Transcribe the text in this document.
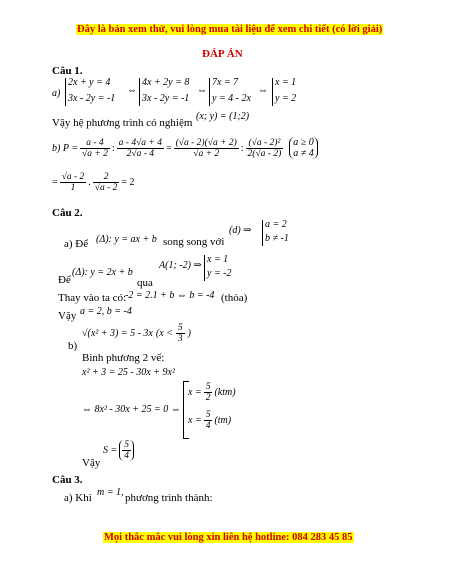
Đây là bản xem thử, vui lòng mua tài liệu để xem chi tiết (có lời giải)
ĐÁP ÁN
Câu 1.
a)
2x + y = 4
3x - 2y = -1
⇔
4x + 2y = 8
3x - 2y = -1
⇔
7x = 7
y = 4 - 2x
⇔
x = 1
y = 2
Vậy hệ phương trình có nghiệm
(x; y) = (1;2)
b) $P = \frac{a - 4}{√a + 2}$ : $\frac{a - 4√a + 4}{2√a - 4} = \frac{(√a - 2)(√a + 2)}{√a + 2}$ : $\frac{\text{(√a - 2)²}}{2(√a - 2)}$ a ≥ 0
a ≠ 4
= $\frac{√a - 2}{1}$ . $\frac{2}{√a - 2} = 2$
Câu 2.
a) Để (Δ): y = ax + b song song với
(d) ⇒
a = 2
b ≠ -1
Để
(Δ): y = 2x + b
qua
A(1; -2) ⇒
x = 1
y = -2
Thay vào ta có:
-2 = 2.1 + b ⇔ b = -4 (thỏa)
Vậy a = 2, b = -4
b)
√(x² + 3) = 5 - 3x ($x < \frac{5}{3}$ )
Bình phương 2 vế:
x² + 3 = 25 - 30x + 9x²
⇔ 8x² - 30x + 25 = 0 ⇔
$x = \frac{5}{2} (ktm)$
$x = \frac{5}{4} (tm)$
Vậy
$S = \frac{5}{4}$
Câu 3.
a) Khi m = 1, phương trình thành:
Mọi thắc mắc vui lòng xin liên hệ hotline: 084 283 45 85
